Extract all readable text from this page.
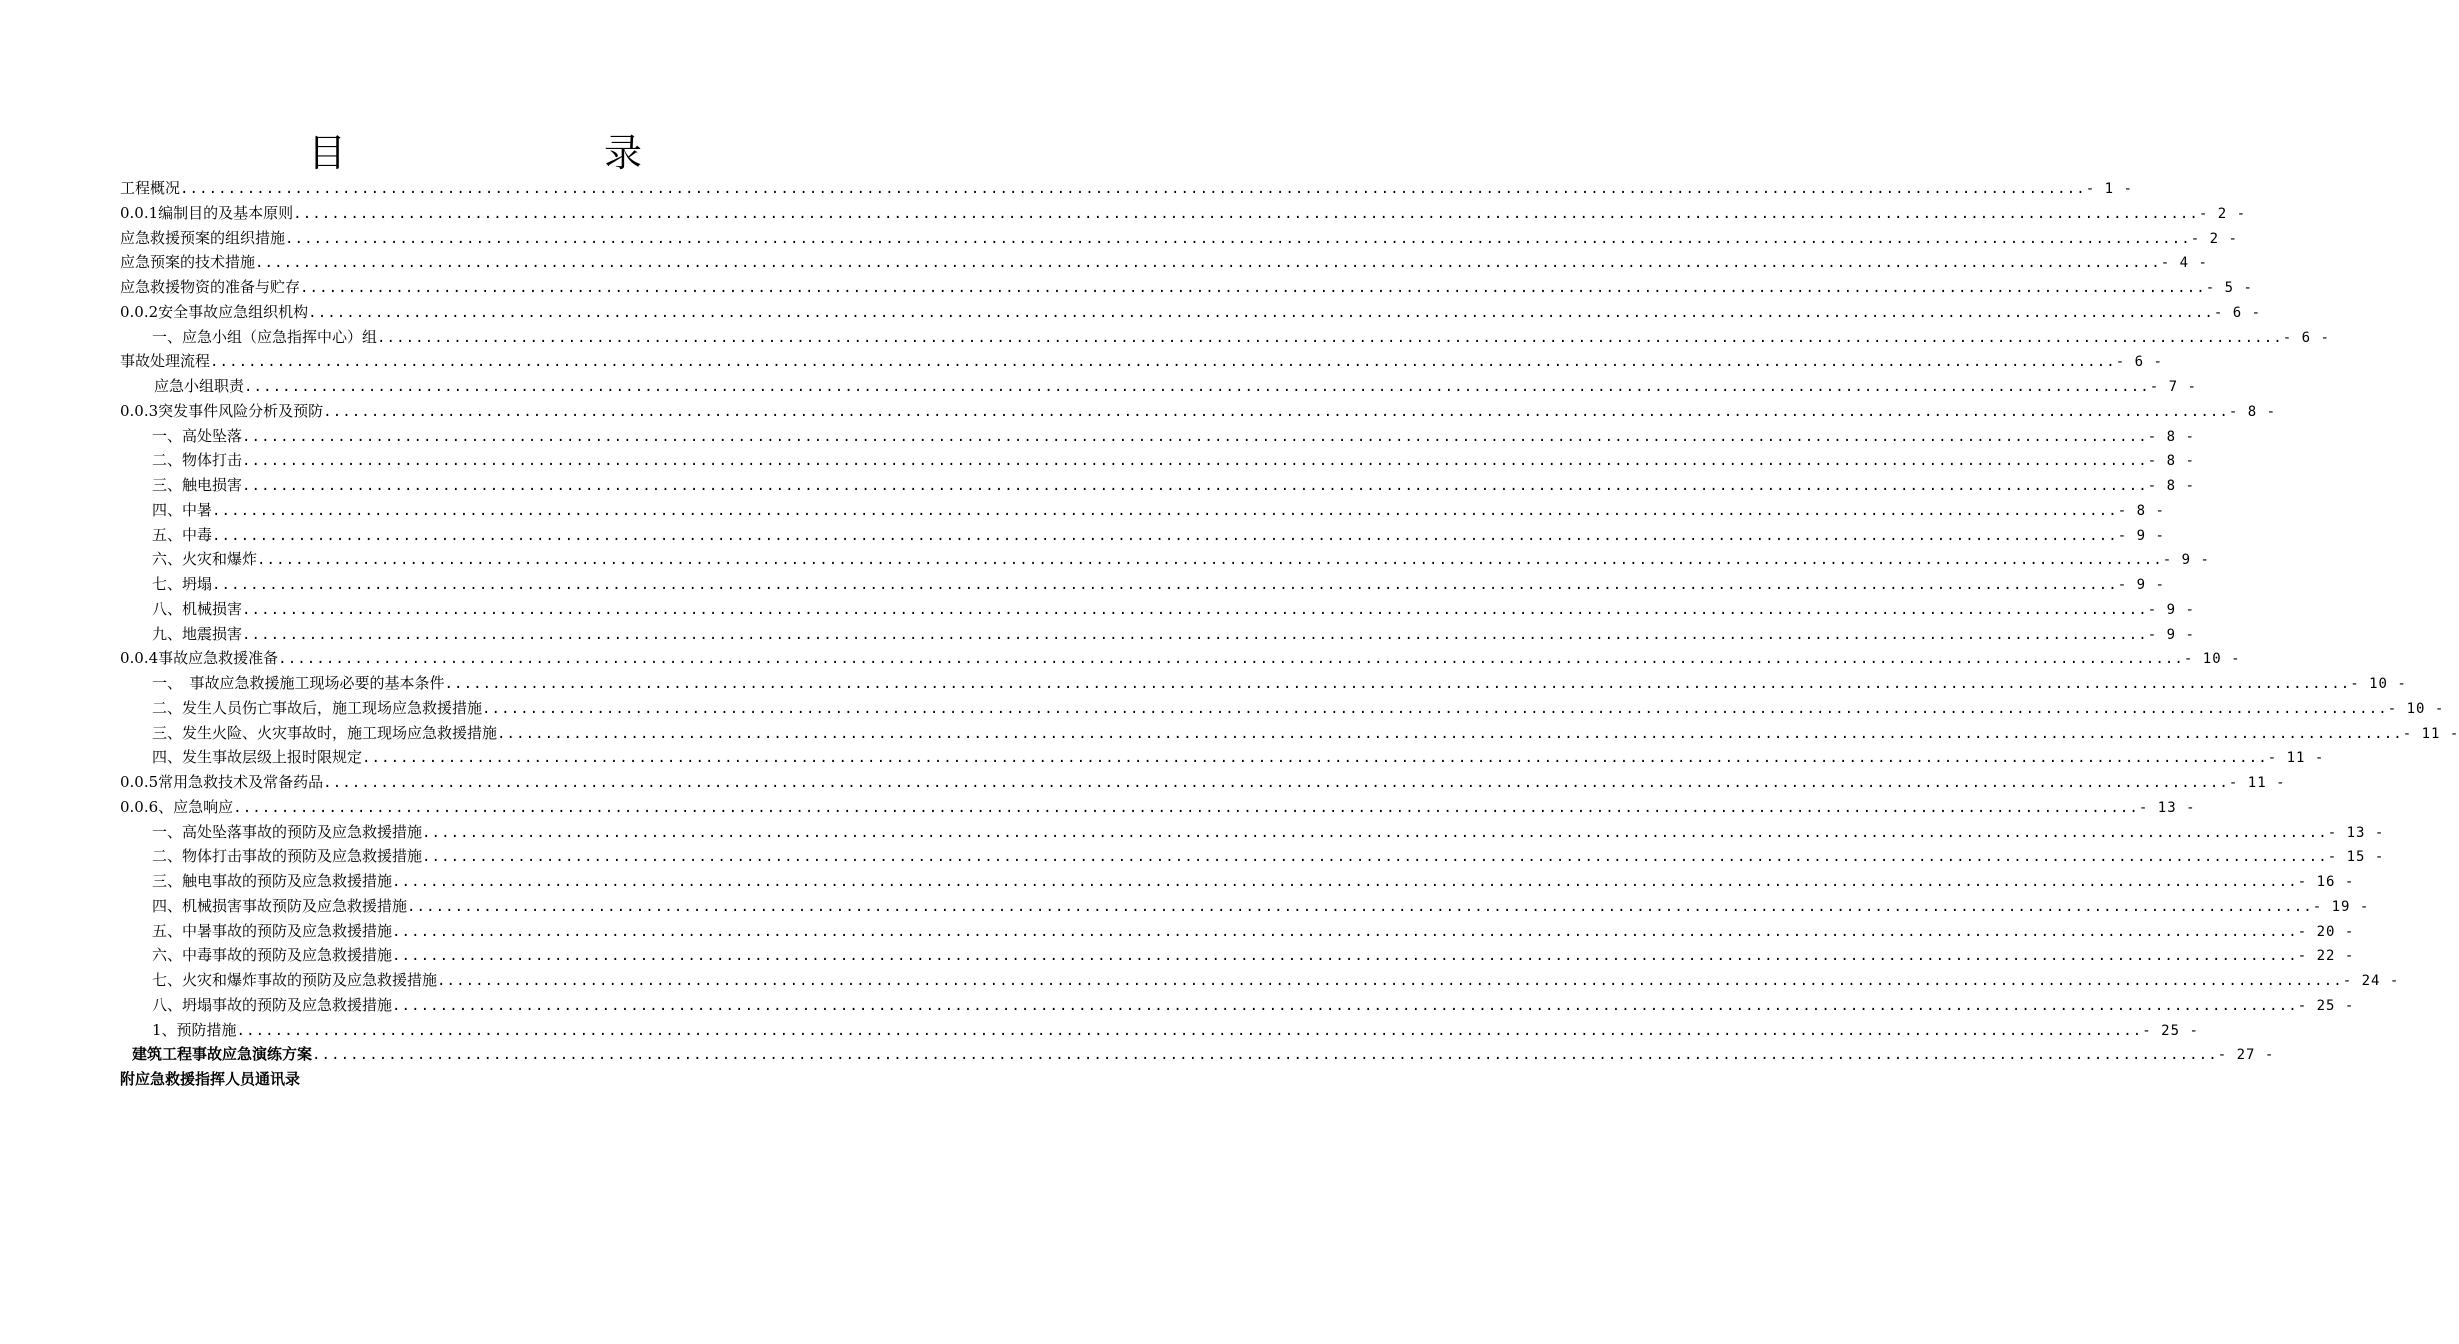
目　录
工程概况 ........................................................................................................................................................................................................ - 1 -
0.0.1编制目的及基本原则 ........................................................................................................................................................................................................ - 2 -
应急救援预案的组织措施 ........................................................................................................................................................................................................ - 2 -
应急预案的技术措施 ........................................................................................................................................................................................................ - 4 -
应急救援物资的准备与贮存 ........................................................................................................................................................................................................ - 5 -
0.0.2安全事故应急组织机构 ........................................................................................................................................................................................................ - 6 -
一、应急小组（应急指挥中心）组 ........................................................................................................................................................................................................ - 6 -
事故处理流程 ........................................................................................................................................................................................................ - 6 -
应急小组职责 ........................................................................................................................................................................................................ - 7 -
0.0.3突发事件风险分析及预防 ........................................................................................................................................................................................................ - 8 -
一、高处坠落 ........................................................................................................................................................................................................ - 8 -
二、物体打击 ........................................................................................................................................................................................................ - 8 -
三、触电损害 ........................................................................................................................................................................................................ - 8 -
四、中暑 ........................................................................................................................................................................................................ - 8 -
五、中毒 ........................................................................................................................................................................................................ - 9 -
六、火灾和爆炸 ........................................................................................................................................................................................................ - 9 -
七、坍塌 ........................................................................................................................................................................................................ - 9 -
八、机械损害 ........................................................................................................................................................................................................ - 9 -
九、地震损害 ........................................................................................................................................................................................................ - 9 -
0.0.4事故应急救援准备 ........................................................................................................................................................................................................ - 10 -
一、　事故应急救援施工现场必要的基本条件 ........................................................................................................................................................................................................ - 10 -
二、发生人员伤亡事故后，施工现场应急救援措施 ........................................................................................................................................................................................................ - 10 -
三、发生火险、火灾事故时，施工现场应急救援措施 ........................................................................................................................................................................................................ - 11 -
四、发生事故层级上报时限规定 ........................................................................................................................................................................................................ - 11 -
0.0.5常用急救技术及常备药品 ........................................................................................................................................................................................................ - 11 -
0.0.6、应急响应 ........................................................................................................................................................................................................ - 13 -
一、高处坠落事故的预防及应急救援措施 ........................................................................................................................................................................................................ - 13 -
二、物体打击事故的预防及应急救援措施 ........................................................................................................................................................................................................ - 15 -
三、触电事故的预防及应急救援措施 ........................................................................................................................................................................................................ - 16 -
四、机械损害事故预防及应急救援措施 ........................................................................................................................................................................................................ - 19 -
五、中暑事故的预防及应急救援措施 ........................................................................................................................................................................................................ - 20 -
六、中毒事故的预防及应急救援措施 ........................................................................................................................................................................................................ - 22 -
七、火灾和爆炸事故的预防及应急救援措施 ........................................................................................................................................................................................................ - 24 -
八、坍塌事故的预防及应急救援措施 ........................................................................................................................................................................................................ - 25 -
1、预防措施 ........................................................................................................................................................................................................ - 25 -
建筑工程事故应急演练方案 ........................................................................................................................................................................................................ - 27 -
附应急救援指挥人员通讯录
